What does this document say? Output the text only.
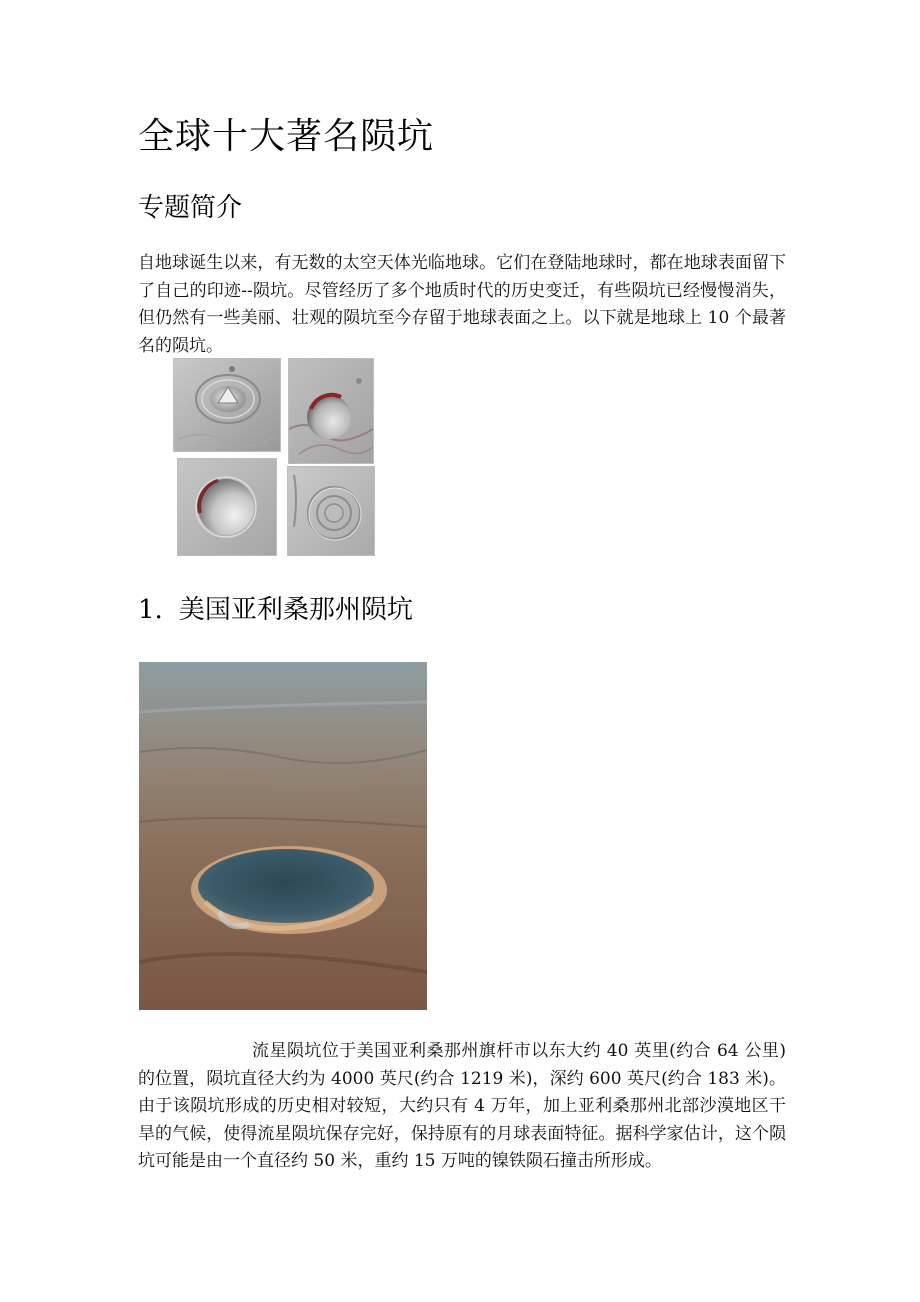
全球十大著名陨坑
专题简介

自地球诞生以来，有无数的太空天体光临地球。它们在登陆地球时，都在地球表面留下了自己的印迹--陨坑。尽管经历了多个地质时代的历史变迁，有些陨坑已经慢慢消失，但仍然有一些美丽、壮观的陨坑至今存留于地球表面之上。以下就是地球上 10 个最著名的陨坑。

1. 美国亚利桑那州陨坑

流星陨坑位于美国亚利桑那州旗杆市以东大约 40 英里(约合 64 公里)的位置，陨坑直径大约为 4000 英尺(约合 1219 米)，深约 600 英尺(约合 183 米)。由于该陨坑形成的历史相对较短，大约只有 4 万年，加上亚利桑那州北部沙漠地区干旱的气候，使得流星陨坑保存完好，保持原有的月球表面特征。据科学家估计，这个陨坑可能是由一个直径约 50 米，重约 15 万吨的镍铁陨石撞击所形成。
